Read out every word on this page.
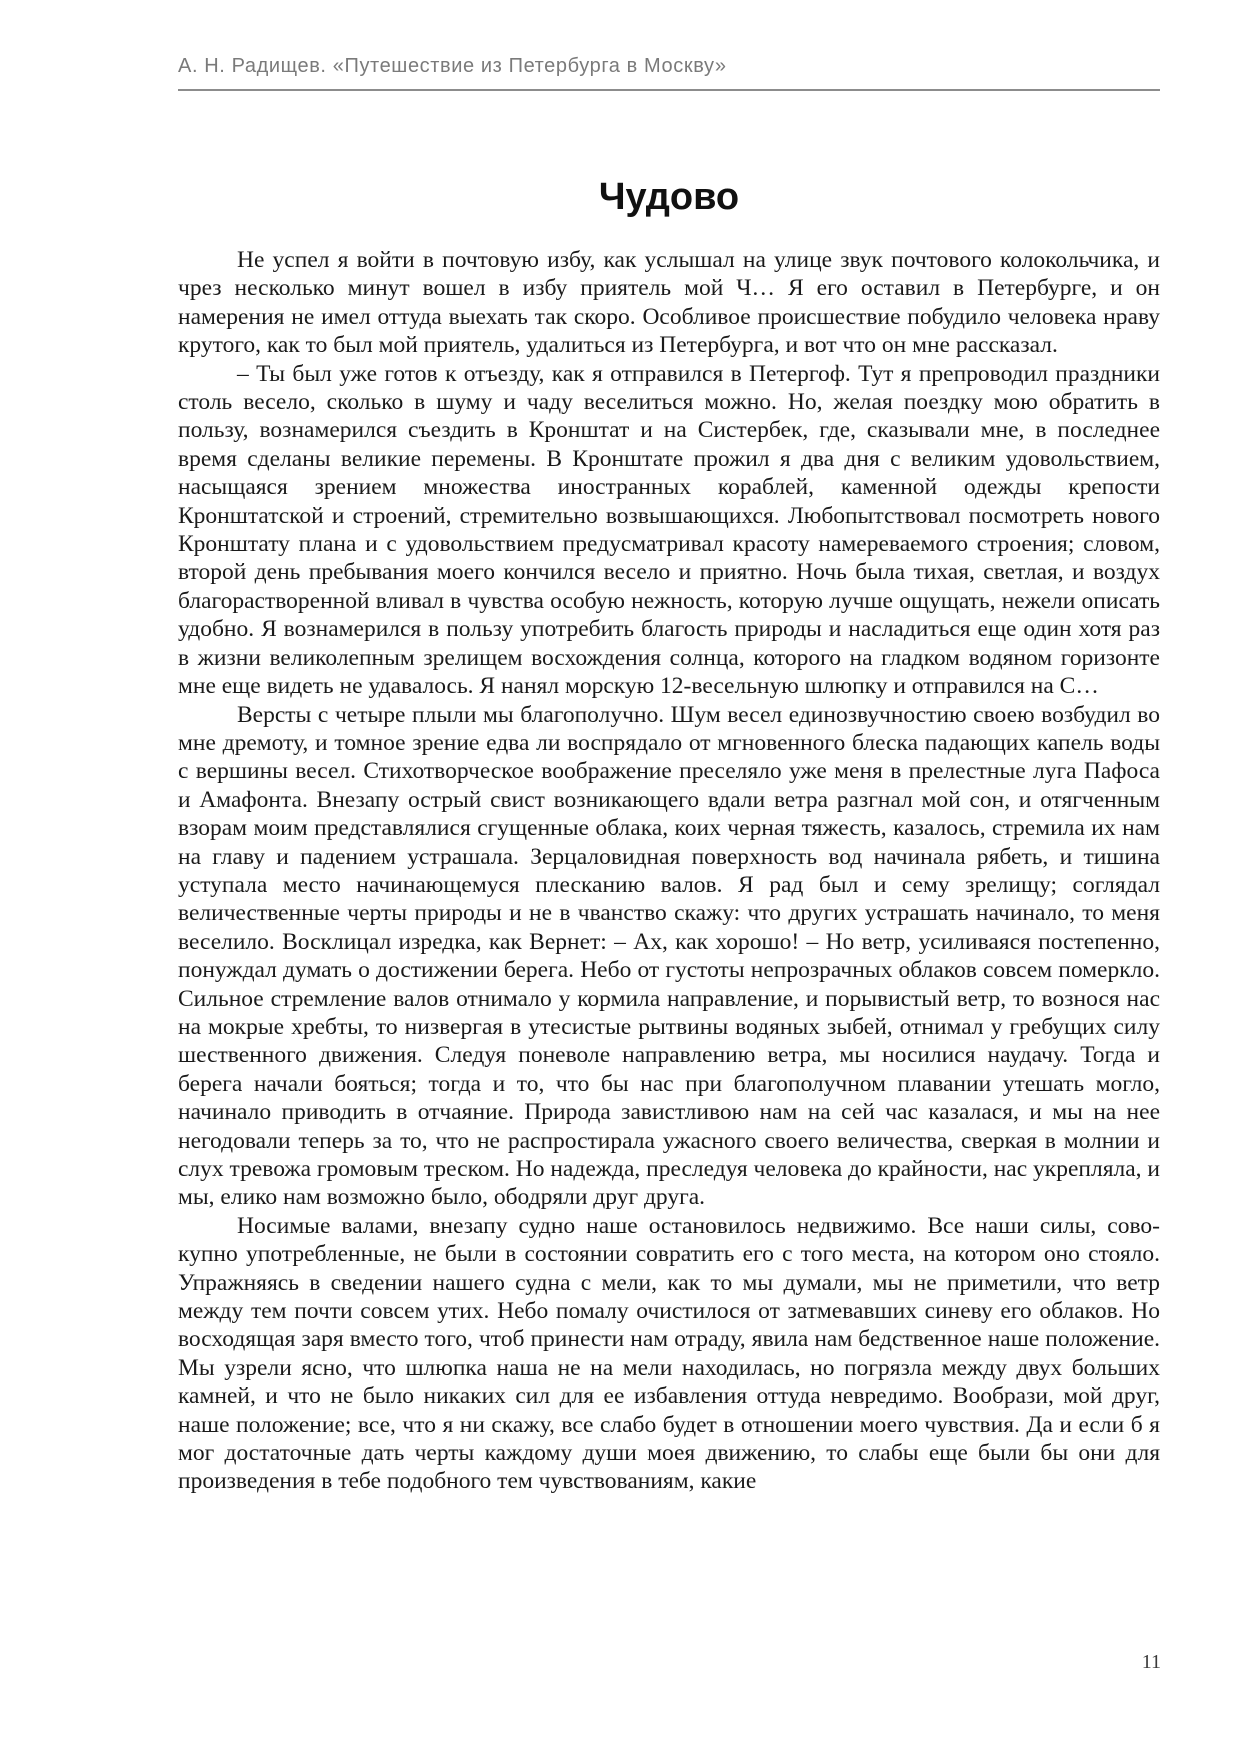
А. Н. Радищев. «Путешествие из Петербурга в Москву»
Чудово

Не успел я войти в почтовую избу, как услышал на улице звук почтового колокольчика, и чрез несколько минут вошел в избу приятель мой Ч… Я его оставил в Петербурге, и он намерения не имел оттуда выехать так скоро. Особливое происшествие побудило человека нраву крутого, как то был мой приятель, удалиться из Петербурга, и вот что он мне рассказал.

– Ты был уже готов к отъезду, как я отправился в Петергоф. Тут я препроводил праздники столь весело, сколько в шуму и чаду веселиться можно. Но, желая поездку мою обратить в пользу, вознамерился съездить в Кронштат и на Систербек, где, сказывали мне, в последнее время сделаны великие перемены. В Кронштате прожил я два дня с великим удовольствием, насыщаяся зрением множества иностранных кораблей, каменной одежды крепости Кронштатской и строений, стремительно возвышающихся. Любопытствовал посмотреть нового Кронштату плана и с удовольствием предусматривал красоту намереваемого строения; словом, второй день пребывания моего кончился весело и приятно. Ночь была тихая, светлая, и воздух благорастворенной вливал в чувства особую нежность, которую лучше ощущать, нежели описать удобно. Я вознамерился в пользу употребить благость природы и насладиться еще один хотя раз в жизни великолепным зрелищем восхождения солнца, которого на гладком водяном горизонте мне еще видеть не удавалось. Я нанял морскую 12-весельную шлюпку и отправился на С…

Версты с четыре плыли мы благополучно. Шум весел единозвучностию своею возбудил во мне дремоту, и томное зрение едва ли воспрядало от мгновенного блеска падающих капель воды с вершины весел. Стихотворческое воображение преселяло уже меня в прелестные луга Пафоса и Амафонта. Внезапу острый свист возникающего вдали ветра разгнал мой сон, и отягченным взорам моим представлялися сгущенные облака, коих черная тяжесть, казалось, стремила их нам на главу и падением устрашала. Зерцаловидная поверхность вод начинала рябеть, и тишина уступала место начинающемуся плесканию валов. Я рад был и сему зрелищу; соглядал величественные черты природы и не в чванство скажу: что других устрашать начинало, то меня веселило. Восклицал изредка, как Вернет: – Ах, как хорошо! – Но ветр, усиливаяся постепенно, понуждал думать о достижении берега. Небо от густоты непрозрачных облаков совсем померкло. Сильное стремление валов отнимало у кормила направление, и порывистый ветр, то вознося нас на мокрые хребты, то низвергая в утесистые рытвины водяных зыбей, отнимал у гребущих силу шественного движения. Следуя поневоле направлению ветра, мы носилися наудачу. Тогда и берега начали бояться; тогда и то, что бы нас при благополучном плавании утешать могло, начинало приводить в отчаяние. Природа завистливою нам на сей час казалася, и мы на нее негодовали теперь за то, что не распростирала ужасного своего величества, сверкая в молнии и слух тревожа громовым треском. Но надежда, преследуя человека до крайности, нас укрепляла, и мы, елико нам возможно было, ободряли друг друга.

Носимые валами, внезапу судно наше остановилось недвижимо. Все наши силы, совокупно употребленные, не были в состоянии совратить его с того места, на котором оно стояло. Упражняясь в сведении нашего судна с мели, как то мы думали, мы не приметили, что ветр между тем почти совсем утих. Небо помалу очистилося от затмевавших синеву его облаков. Но восходящая заря вместо того, чтоб принести нам отраду, явила нам бедственное наше положение. Мы узрели ясно, что шлюпка наша не на мели находилась, но погрязла между двух больших камней, и что не было никаких сил для ее избавления оттуда невредимо. Вообрази, мой друг, наше положение; все, что я ни скажу, все слабо будет в отношении моего чувствия. Да и если б я мог достаточные дать черты каждому души моея движению, то слабы еще были бы они для произведения в тебе подобного тем чувствованиям, какие

11
